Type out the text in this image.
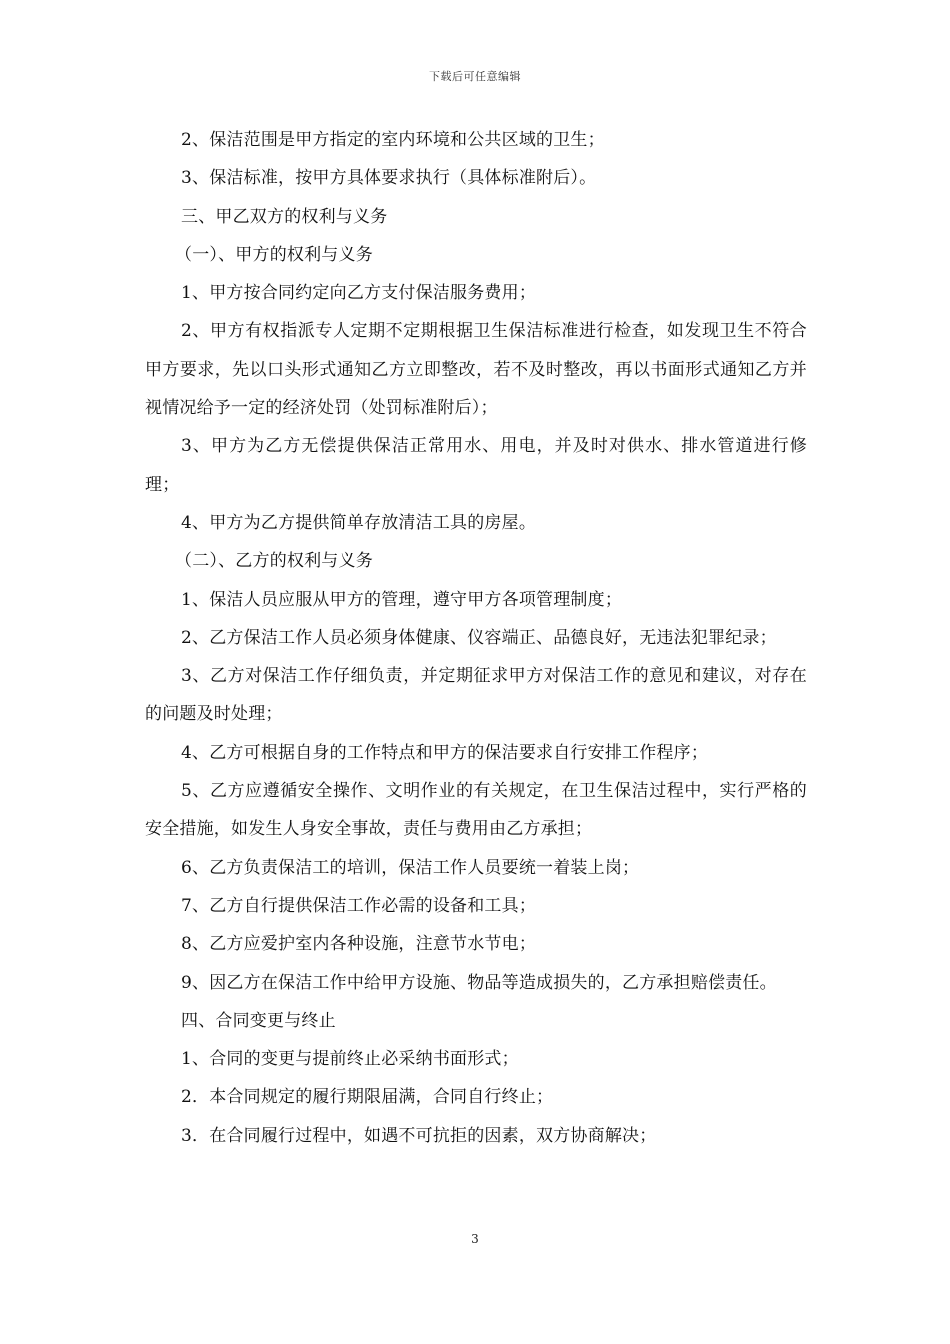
下载后可任意编辑

2、保洁范围是甲方指定的室内环境和公共区域的卫生；

3、保洁标准，按甲方具体要求执行（具体标准附后）。

三、甲乙双方的权利与义务

（一）、甲方的权利与义务

1、甲方按合同约定向乙方支付保洁服务费用；

2、甲方有权指派专人定期不定期根据卫生保洁标准进行检查，如发现卫生不符合甲方要求，先以口头形式通知乙方立即整改，若不及时整改，再以书面形式通知乙方并视情况给予一定的经济处罚（处罚标准附后）；

3、甲方为乙方无偿提供保洁正常用水、用电，并及时对供水、排水管道进行修理；

4、甲方为乙方提供简单存放清洁工具的房屋。

（二）、乙方的权利与义务

1、保洁人员应服从甲方的管理，遵守甲方各项管理制度；

2、乙方保洁工作人员必须身体健康、仪容端正、品德良好，无违法犯罪纪录；

3、乙方对保洁工作仔细负责，并定期征求甲方对保洁工作的意见和建议，对存在的问题及时处理；

4、乙方可根据自身的工作特点和甲方的保洁要求自行安排工作程序；

5、乙方应遵循安全操作、文明作业的有关规定，在卫生保洁过程中，实行严格的安全措施，如发生人身安全事故，责任与费用由乙方承担；

6、乙方负责保洁工的培训，保洁工作人员要统一着装上岗；

7、乙方自行提供保洁工作必需的设备和工具；

8、乙方应爱护室内各种设施，注意节水节电；

9、因乙方在保洁工作中给甲方设施、物品等造成损失的，乙方承担赔偿责任。

四、合同变更与终止

1、合同的变更与提前终止必采纳书面形式；

2．本合同规定的履行期限届满，合同自行终止；

3．在合同履行过程中，如遇不可抗拒的因素，双方协商解决；

3
